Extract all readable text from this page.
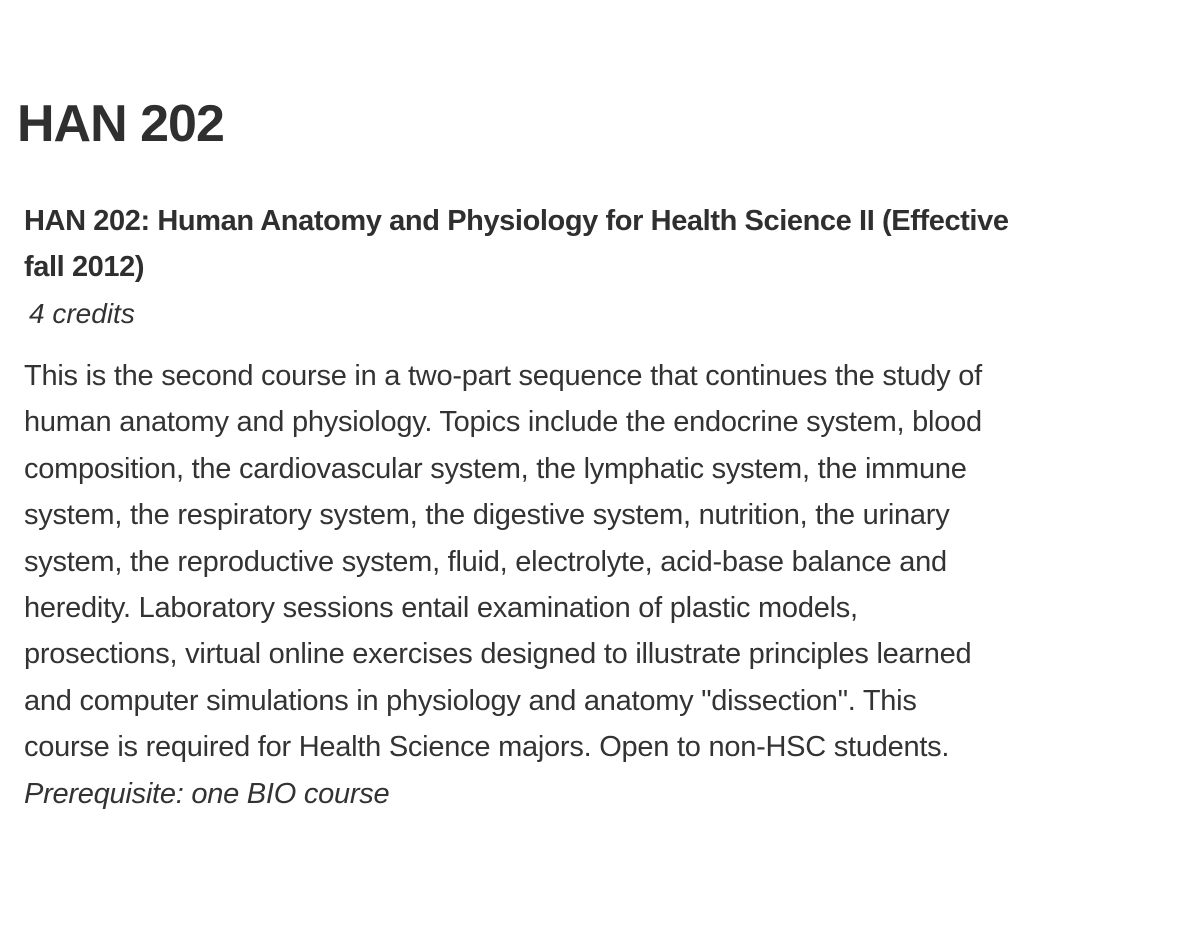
HAN 202
HAN 202: Human Anatomy and Physiology for Health Science II (Effective
fall 2012)

4 credits

This is the second course in a two-part sequence that continues the study of
human anatomy and physiology. Topics include the endocrine system, blood
composition, the cardiovascular system, the lymphatic system, the immune
system, the respiratory system, the digestive system, nutrition, the urinary
system, the reproductive system, fluid, electrolyte, acid-base balance and
heredity. Laboratory sessions entail examination of plastic models,
prosections, virtual online exercises designed to illustrate principles learned
and computer simulations in physiology and anatomy "dissection". This
course is required for Health Science majors. Open to non-HSC students.
Prerequisite: one BIO course
